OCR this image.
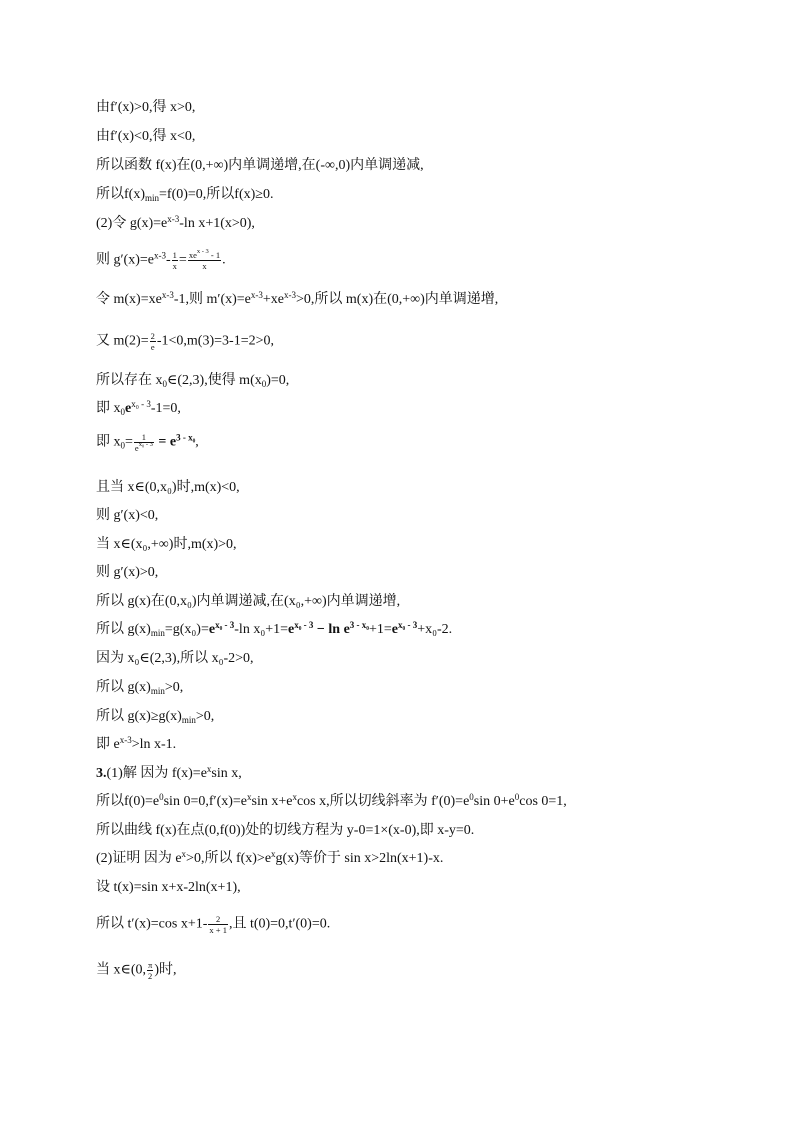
由f′(x)>0,得 x>0,
由f′(x)<0,得 x<0,
所以函数 f(x)在(0,+∞)内单调递增,在(-∞,0)内单调递减,
所以$f(x)_{min}=f(0)=0$,所以f(x)≥0.
(2)令 $g(x)=e^{x-3}-\ln$ x+1(x>0),
则 $g'(x)=e^{x-3}- \frac{1}{x} = \frac{xe^{x - 3} - 1}{x}$ .
令 $m(x)=xe^{x-3}-1$,则 $m'(x)=e^{x-3}+xe^{x-3}>0$,所以 m(x)在(0,+∞)内单调递增,
又 $m(2)= \frac{2}{e} -1<0,m(3)=3-1=2>0$,
所以存在 $x_0\in(2,3)$,使得 $m(x_0)=0$,
即 $x_0e^{x_0 - 3}-1=0$,
即 $x_0= \frac{1}{e^{x_0 - 3}} = e^{3 - x_0}$,
且当 x∈(0,x₀)时,m(x)<0,
则 g′(x)<0,
当 x∈(x₀,+∞)时,m(x)>0,
则 g′(x)>0,
所以 g(x)在(0,x₀)内单调递减,在(x₀,+∞)内单调递增,
所以 $g(x)_{min}=g(x_0)=e^{x_0 - 3}-\ln$ $x_0+1=e^{x_0 - 3} - \ln e^{3 - x_0}+1=e^{x_0 - 3}+x_0-2$.
因为 x₀∈(2,3),所以 x₀-2>0,
所以 $g(x)_{min}>0$,
所以 $g(x)\ge g(x)_{min}>0$,
即 $e^{x-3}>\ln$ x-1.
3.(1)解 因为 $f(x)=e^x\sin$ x,
所以$f(0)=e^0\sin$ $0=0,f'(x)=e^x\sin$ $x+e^x\cos$ x,所以切线斜率为 $f'(0)=e^0\sin$ $0+e^0\cos$ 0=1,
所以曲线 f(x)在点(0,f(0))处的切线方程为 y-0=1×(x-0),即 x-y=0.
(2)证明 因为 $e^x>0$,所以 $f(x)>e^xg(x)$等价于 sin x>2ln(x+1)-x.
设 t(x)=sin x+x-2ln(x+1),
所以 t′(x)=cos $x+1- \frac{2}{x + 1}$ ,且 t(0)=0,t′(0)=0.
当 x∈(0, $\frac{\pi}{2}$ )时,
